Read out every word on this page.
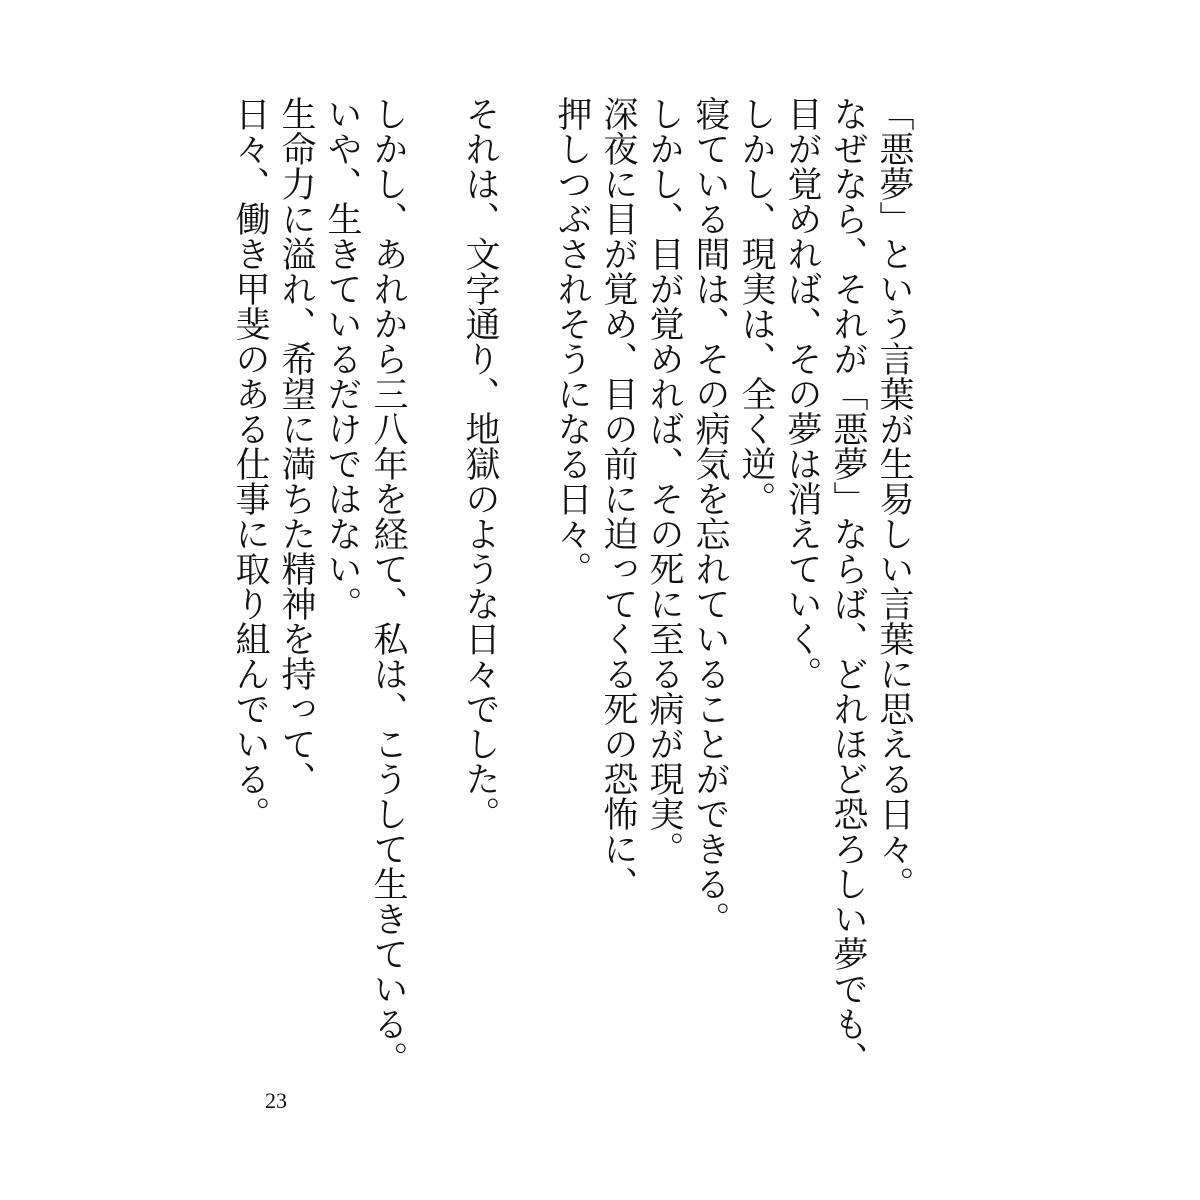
「悪夢」という言葉が生易しい言葉に思える日々。
なぜなら、それが「悪夢」ならば、どれほど恐ろしい夢でも、
目が覚めれば、その夢は消えていく。
しかし、現実は、全く逆。
寝ている間は、その病気を忘れていることができる。
しかし、目が覚めれば、その死に至る病が現実。
深夜に目が覚め、目の前に迫ってくる死の恐怖に、
押しつぶされそうになる日々。
それは、文字通り、地獄のような日々でした。
しかし、あれから三八年を経て、私は、こうして生きている。
いや、生きているだけではない。
生命力に溢れ、希望に満ちた精神を持って、
日々、働き甲斐のある仕事に取り組んでいる。
23
